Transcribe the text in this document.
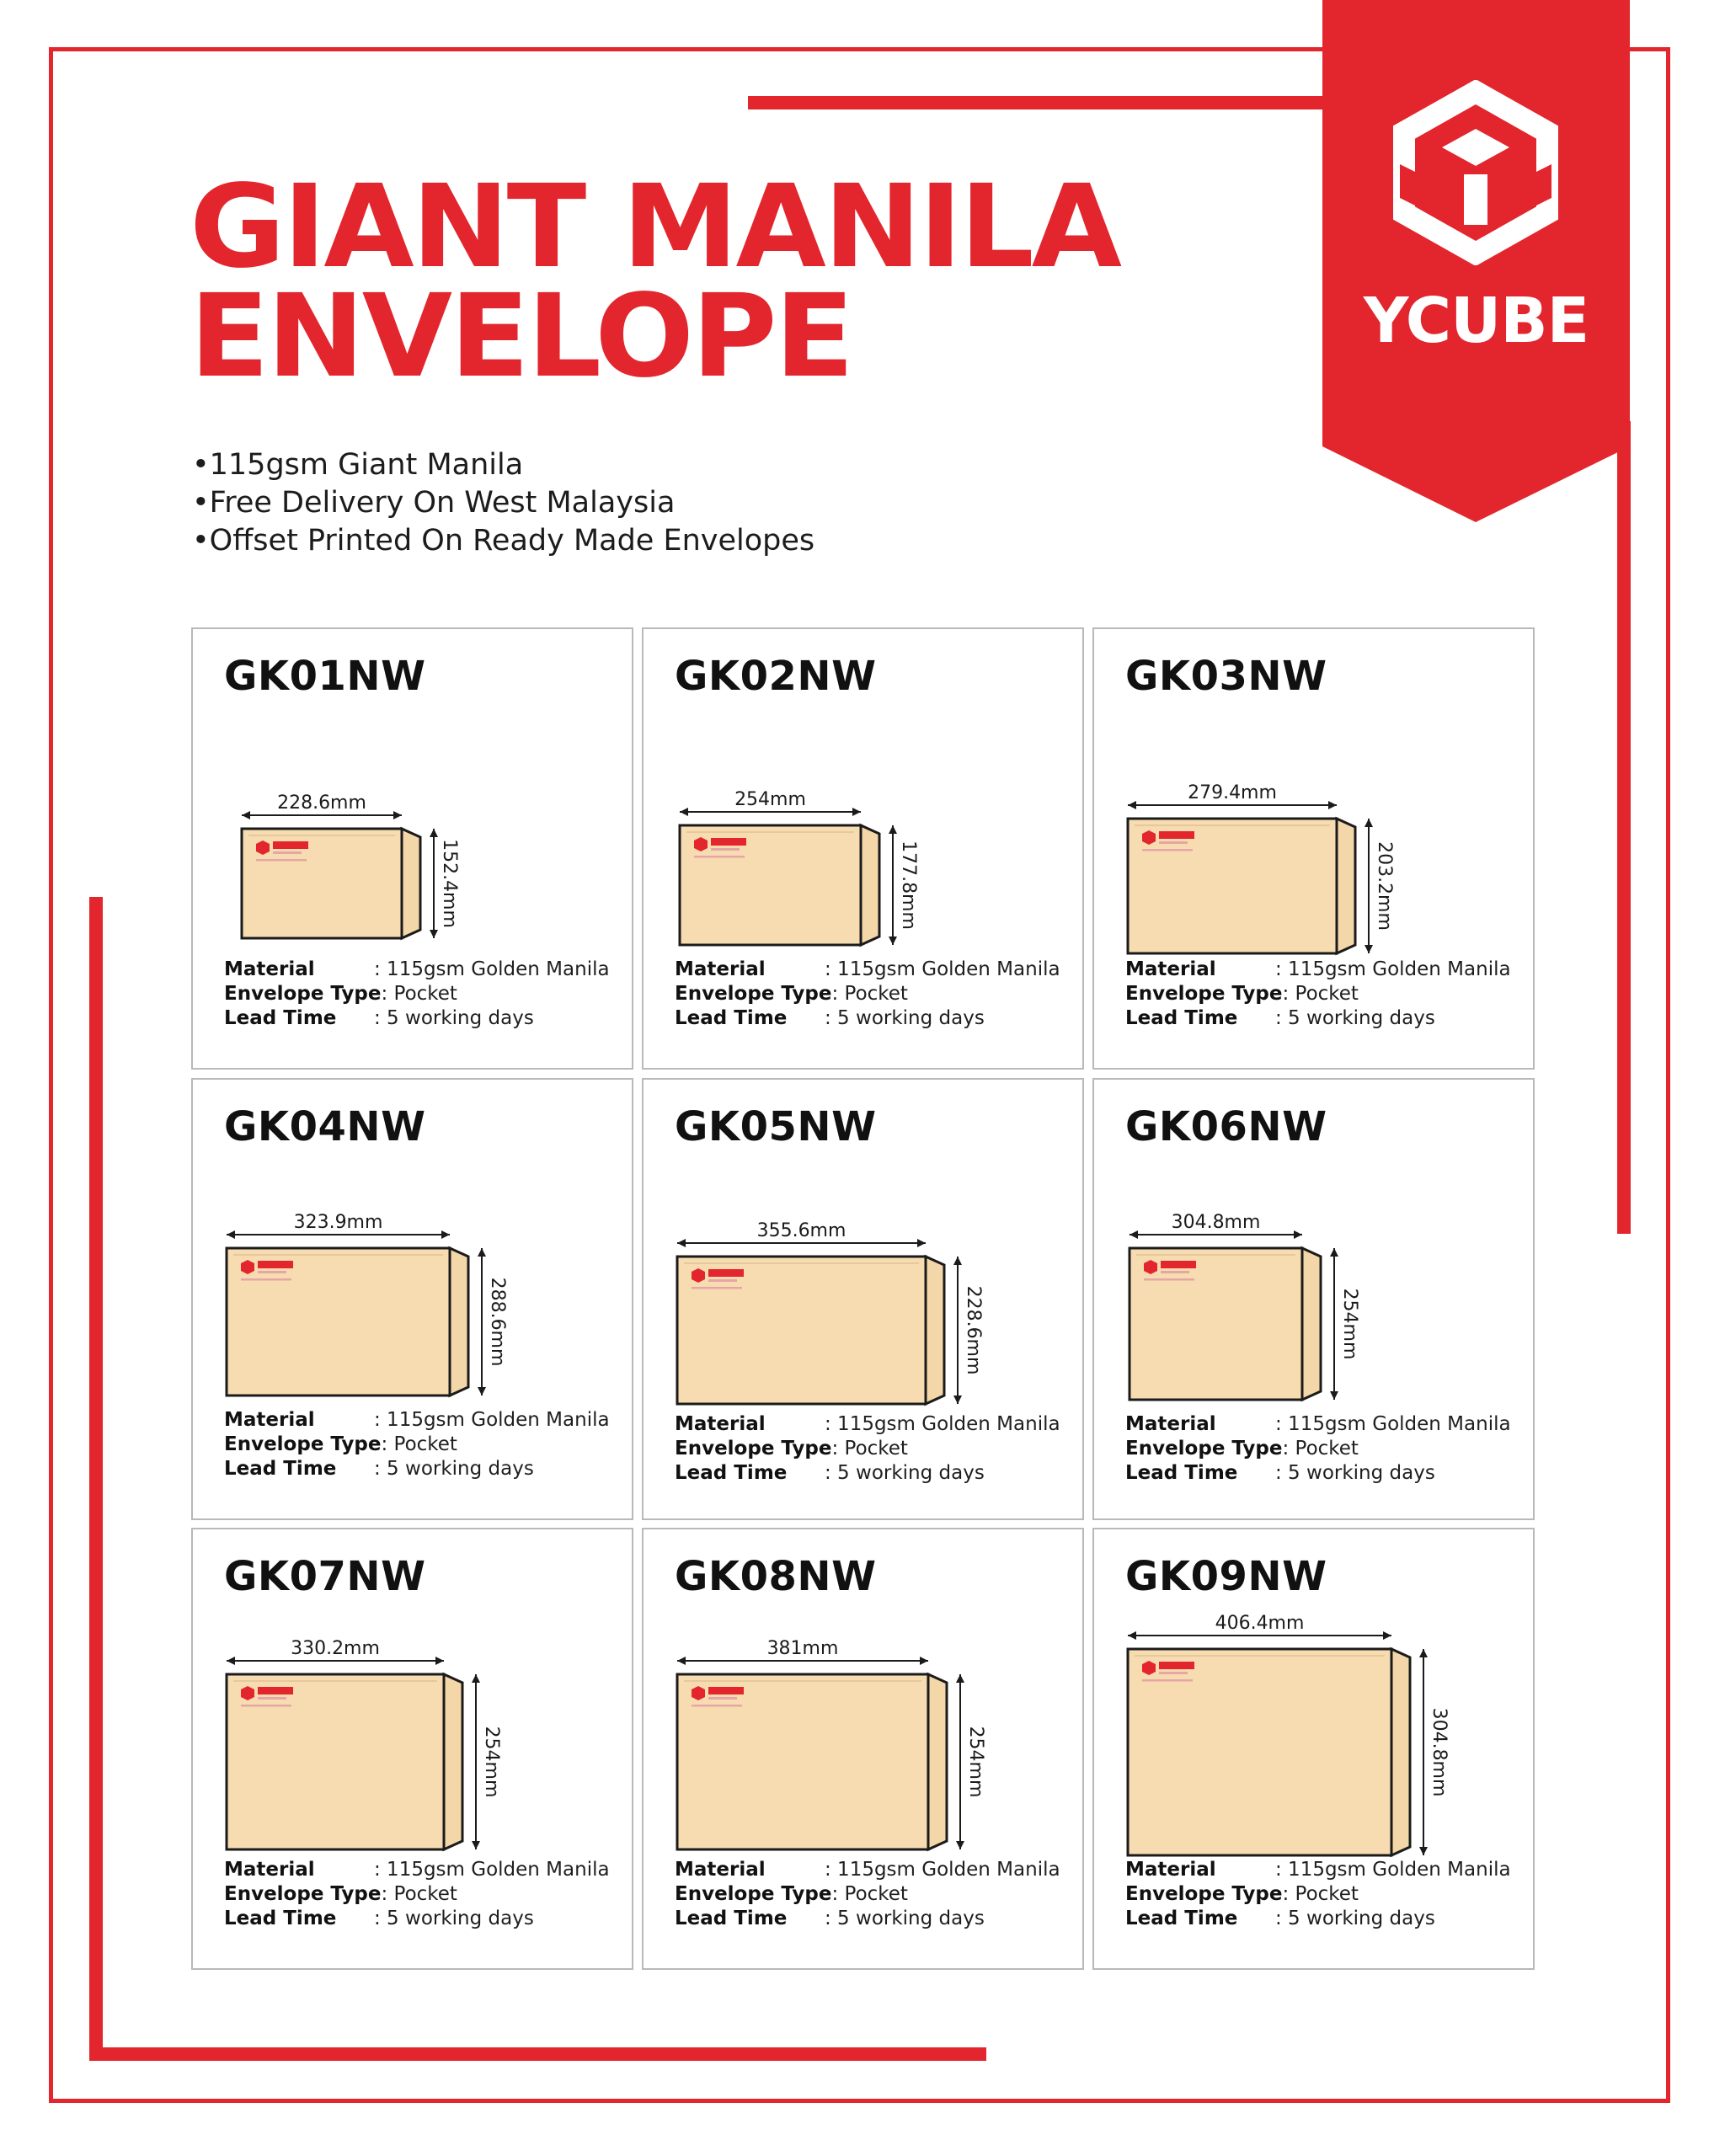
YCUBE
GIANT MANILA
ENVELOPE
•115gsm Giant Manila
•Free Delivery On West Malaysia
•Offset Printed On Ready Made Envelopes
GK01NW
228.6mm
152.4mm
Material	: 115gsm Golden Manila
Envelope Type: Pocket
Lead Time : 5 working days
GK02NW
254mm
177.8mm
Material	: 115gsm Golden Manila
Envelope Type: Pocket
Lead Time : 5 working days
GK03NW
279.4mm
203.2mm
Material	: 115gsm Golden Manila
Envelope Type: Pocket
Lead Time : 5 working days
GK04NW
323.9mm
288.6mm
Material	: 115gsm Golden Manila
Envelope Type: Pocket
Lead Time : 5 working days
GK05NW
355.6mm
228.6mm
Material	: 115gsm Golden Manila
Envelope Type: Pocket
Lead Time : 5 working days
GK06NW
304.8mm
254mm
Material	: 115gsm Golden Manila
Envelope Type: Pocket
Lead Time : 5 working days
GK07NW
330.2mm
254mm
Material	: 115gsm Golden Manila
Envelope Type: Pocket
Lead Time : 5 working days
GK08NW
381mm
254mm
Material	: 115gsm Golden Manila
Envelope Type: Pocket
Lead Time : 5 working days
GK09NW
406.4mm
304.8mm
Material	: 115gsm Golden Manila
Envelope Type: Pocket
Lead Time : 5 working days
